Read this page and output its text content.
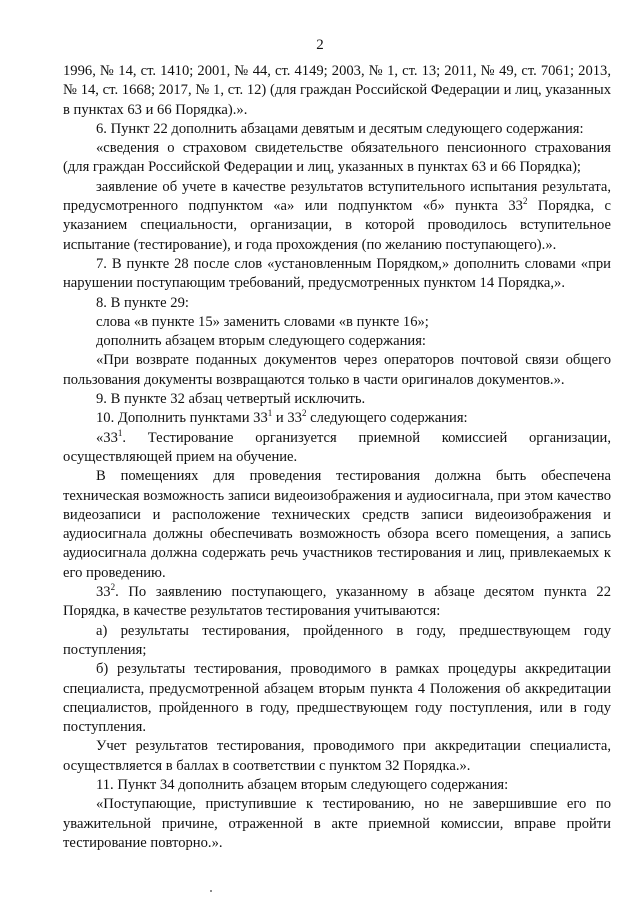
2

1996, № 14, ст. 1410; 2001, № 44, ст. 4149; 2003, № 1, ст. 13; 2011, № 49, ст. 7061; 2013, № 14, ст. 1668; 2017, № 1, ст. 12) (для граждан Российской Федерации и лиц, указанных в пунктах 63 и 66 Порядка).».

6. Пункт 22 дополнить абзацами девятым и десятым следующего содержания:

«сведения о страховом свидетельстве обязательного пенсионного страхования (для граждан Российской Федерации и лиц, указанных в пунктах 63 и 66 Порядка);

заявление об учете в качестве результатов вступительного испытания результата, предусмотренного подпунктом «а» или подпунктом «б» пункта $33^2$ Порядка, с указанием специальности, организации, в которой проводилось вступительное испытание (тестирование), и года прохождения (по желанию поступающего).».

7. В пункте 28 после слов «установленным Порядком,» дополнить словами «при нарушении поступающим требований, предусмотренных пунктом 14 Порядка,».

8. В пункте 29:

слова «в пункте 15» заменить словами «в пункте 16»;

дополнить абзацем вторым следующего содержания:

«При возврате поданных документов через операторов почтовой связи общего пользования документы возвращаются только в части оригиналов документов.».

9. В пункте 32 абзац четвертый исключить.

10. Дополнить пунктами $33^1$ и $33^2$ следующего содержания:

«$33^1$. Тестирование организуется приемной комиссией организации, осуществляющей прием на обучение.

В помещениях для проведения тестирования должна быть обеспечена техническая возможность записи видеоизображения и аудиосигнала, при этом качество видеозаписи и расположение технических средств записи видеоизображения и аудиосигнала должны обеспечивать возможность обзора всего помещения, а запись аудиосигнала должна содержать речь участников тестирования и лиц, привлекаемых к его проведению.

$33^2$. По заявлению поступающего, указанному в абзаце десятом пункта 22 Порядка, в качестве результатов тестирования учитываются:

а) результаты тестирования, пройденного в году, предшествующем году поступления;

б) результаты тестирования, проводимого в рамках процедуры аккредитации специалиста, предусмотренной абзацем вторым пункта 4 Положения об аккредитации специалистов, пройденного в году, предшествующем году поступления, или в году поступления.

Учет результатов тестирования, проводимого при аккредитации специалиста, осуществляется в баллах в соответствии с пунктом 32 Порядка.».

11. Пункт 34 дополнить абзацем вторым следующего содержания:

«Поступающие, приступившие к тестированию, но не завершившие его по уважительной причине, отраженной в акте приемной комиссии, вправе пройти тестирование повторно.».
